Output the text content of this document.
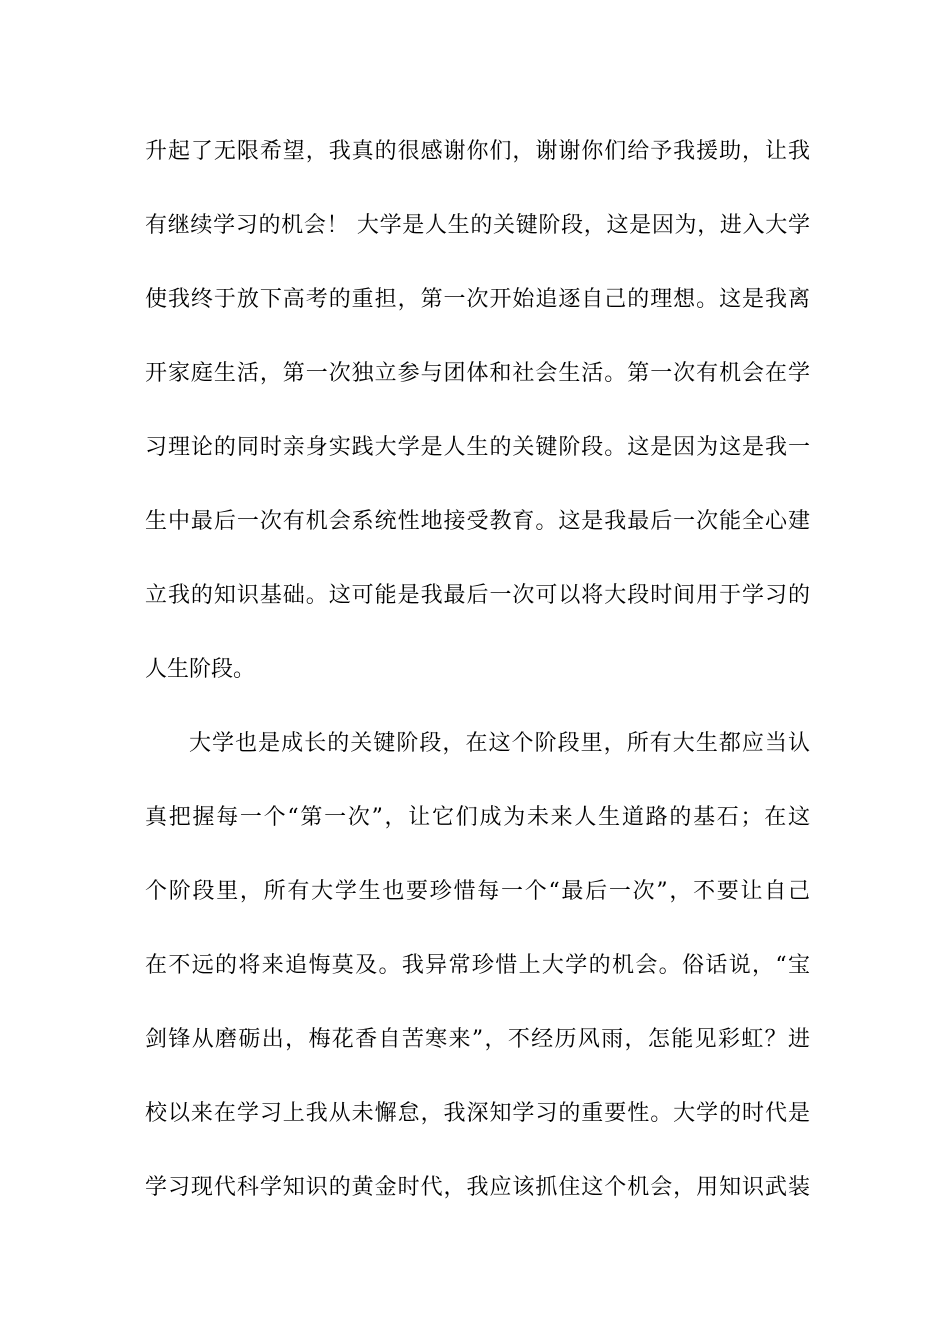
升起了无限希望，我真的很感谢你们，谢谢你们给予我援助，让我
有继续学习的机会！ 大学是人生的关键阶段，这是因为，进入大学
使我终于放下高考的重担，第一次开始追逐自己的理想。这是我离
开家庭生活，第一次独立参与团体和社会生活。第一次有机会在学
习理论的同时亲身实践大学是人生的关键阶段。这是因为这是我一
生中最后一次有机会系统性地接受教育。这是我最后一次能全心建
立我的知识基础。这可能是我最后一次可以将大段时间用于学习的
人生阶段。
大学也是成长的关键阶段，在这个阶段里，所有大生都应当认
真把握每一个“第一次”，让它们成为未来人生道路的基石；在这
个阶段里，所有大学生也要珍惜每一个“最后一次”，不要让自己
在不远的将来追悔莫及。我异常珍惜上大学的机会。俗话说，“宝
剑锋从磨砺出，梅花香自苦寒来”，不经历风雨，怎能见彩虹？进
校以来在学习上我从未懈怠，我深知学习的重要性。大学的时代是
学习现代科学知识的黄金时代，我应该抓住这个机会，用知识武装
